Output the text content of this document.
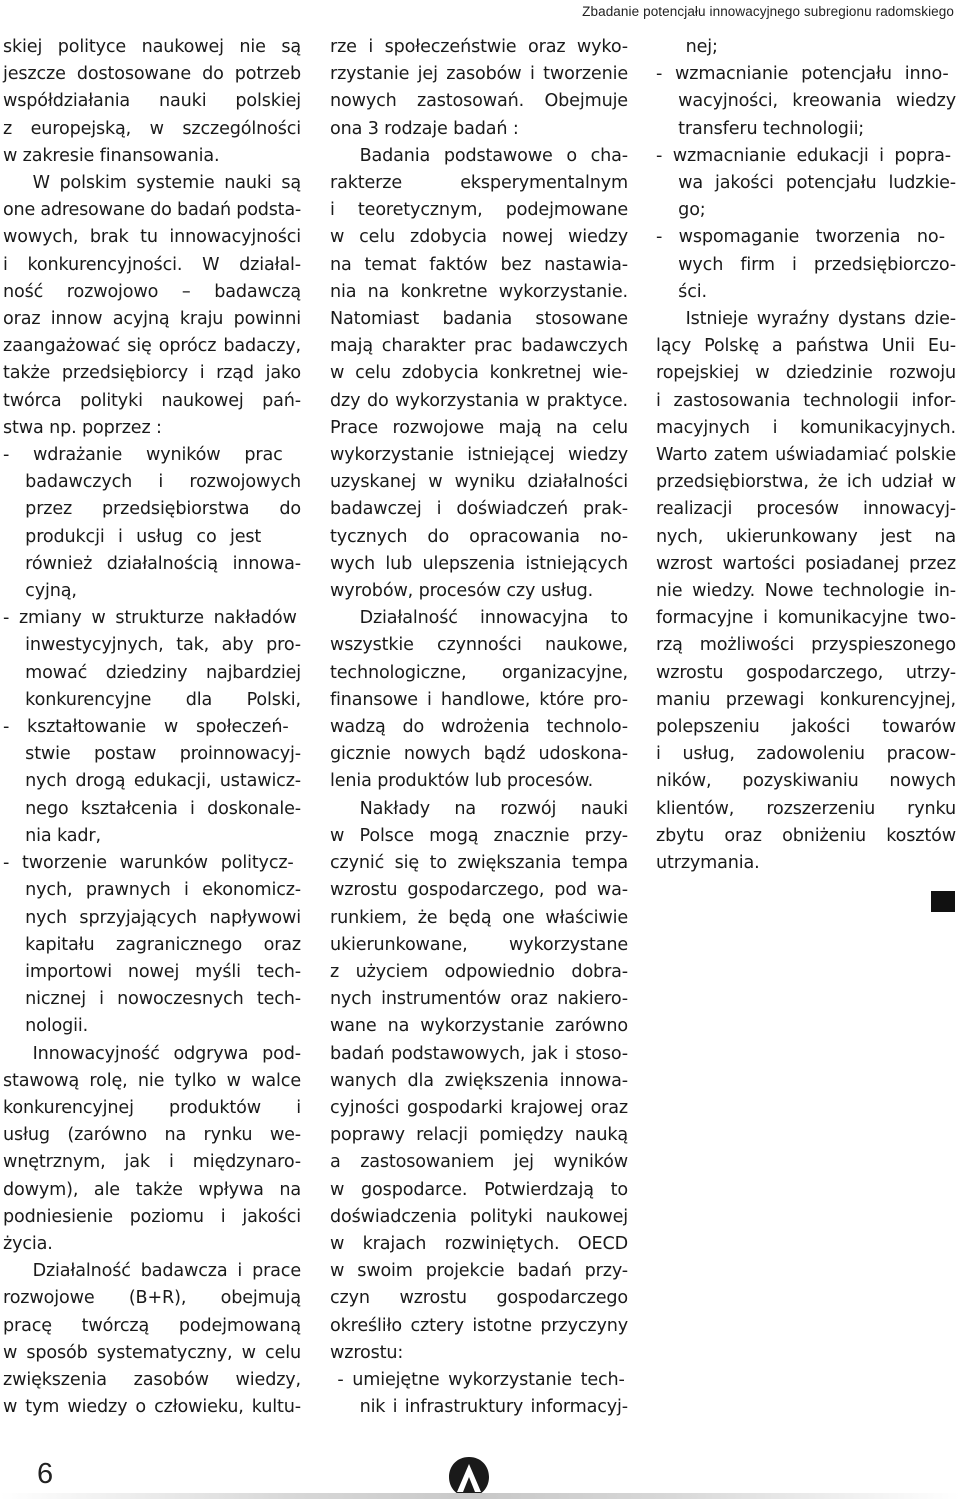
Zbadanie potencjału innowacyjnego subregionu radomskiego
skiej polityce naukowej nie są
jeszcze dostosowane do potrzeb
współdziałania nauki polskiej
z europejską, w szczególności
w zakresie finansowania.
W polskim systemie nauki są
one adresowane do badań podsta-
wowych, brak tu innowacyjności
i konkurencyjności. W działal-
ność rozwojowo – badawczą
oraz innow acyjną kraju powinni
zaangażować się oprócz badaczy,
także przedsiębiorcy i rząd jako
twórca polityki naukowej pań-
stwa np. poprzez :
- wdrażanie wyników prac
badawczych i rozwojowych
przez przedsiębiorstwa do
produkcji i usług co jest
również działalnością innowa-
cyjną,
- zmiany w strukturze nakładów
inwestycyjnych, tak, aby pro-
mować dziedziny najbardziej
konkurencyjne dla Polski,
- kształtowanie w społeczeń-
stwie postaw proinnowacyj-
nych drogą edukacji, ustawicz-
nego kształcenia i doskonale-
nia kadr,
- tworzenie warunków politycz-
nych, prawnych i ekonomicz-
nych sprzyjających napływowi
kapitału zagranicznego oraz
importowi nowej myśli tech-
nicznej i nowoczesnych tech-
nologii.
Innowacyjność odgrywa pod-
stawową rolę, nie tylko w walce
konkurencyjnej produktów i
usług (zarówno na rynku we-
wnętrznym, jak i międzynaro-
dowym), ale także wpływa na
podniesienie poziomu i jakości
życia.
Działalność badawcza i prace
rozwojowe (B+R), obejmują
pracę twórczą podejmowaną
w sposób systematyczny, w celu
zwiększenia zasobów wiedzy,
w tym wiedzy o człowieku, kultu-
rze i społeczeństwie oraz wyko-
rzystanie jej zasobów i tworzenie
nowych zastosowań. Obejmuje
ona 3 rodzaje badań :
Badania podstawowe o cha-
rakterze eksperymentalnym
i teoretycznym, podejmowane
w celu zdobycia nowej wiedzy
na temat faktów bez nastawia-
nia na konkretne wykorzystanie.
Natomiast badania stosowane
mają charakter prac badawczych
w celu zdobycia konkretnej wie-
dzy do wykorzystania w praktyce.
Prace rozwojowe mają na celu
wykorzystanie istniejącej wiedzy
uzyskanej w wyniku działalności
badawczej i doświadczeń prak-
tycznych do opracowania no-
wych lub ulepszenia istniejących
wyrobów, procesów czy usług.
Działalność innowacyjna to
wszystkie czynności naukowe,
technologiczne, organizacyjne,
finansowe i handlowe, które pro-
wadzą do wdrożenia technolo-
gicznie nowych bądź udoskona-
lenia produktów lub procesów.
Nakłady na rozwój nauki
w Polsce mogą znacznie przy-
czynić się to zwiększania tempa
wzrostu gospodarczego, pod wa-
runkiem, że będą one właściwie
ukierunkowane, wykorzystane
z użyciem odpowiednio dobra-
nych instrumentów oraz nakiero-
wane na wykorzystanie zarówno
badań podstawowych, jak i stoso-
wanych dla zwiększenia innowa-
cyjności gospodarki krajowej oraz
poprawy relacji pomiędzy nauką
a zastosowaniem jej wyników
w gospodarce. Potwierdzają to
doświadczenia polityki naukowej
w krajach rozwiniętych. OECD
w swoim projekcie badań przy-
czyn wzrostu gospodarczego
określiło cztery istotne przyczyny
wzrostu:
- umiejętne wykorzystanie tech-
nik i infrastruktury informacyj-
nej;
- wzmacnianie potencjału inno-
wacyjności, kreowania wiedzy
transferu technologii;
- wzmacnianie edukacji i popra-
wa jakości potencjału ludzkie-
go;
- wspomaganie tworzenia no-
wych firm i przedsiębiorczo-
ści.
Istnieje wyraźny dystans dzie-
lący Polskę a państwa Unii Eu-
ropejskiej w dziedzinie rozwoju
i zastosowania technologii infor-
macyjnych i komunikacyjnych.
Warto zatem uświadamiać polskie
przedsiębiorstwa, że ich udział w
realizacji procesów innowacyj-
nych, ukierunkowany jest na
wzrost wartości posiadanej przez
nie wiedzy. Nowe technologie in-
formacyjne i komunikacyjne two-
rzą możliwości przyspieszonego
wzrostu gospodarczego, utrzy-
maniu przewagi konkurencyjnej,
polepszeniu jakości towarów
i usług, zadowoleniu pracow-
ników, pozyskiwaniu nowych
klientów, rozszerzeniu rynku
zbytu oraz obniżeniu kosztów
utrzymania.
6
